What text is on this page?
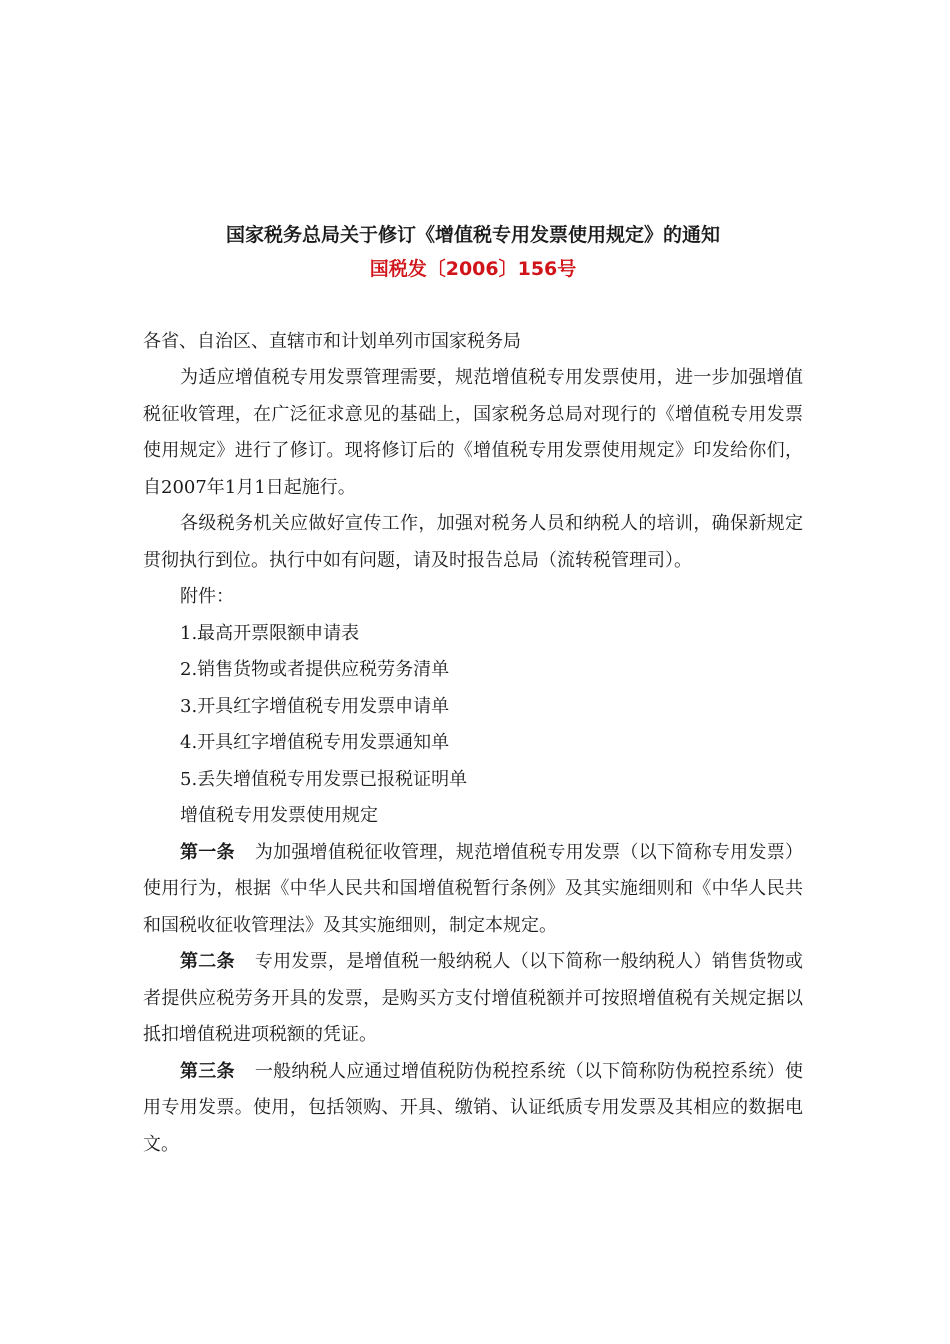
国家税务总局关于修订《增值税专用发票使用规定》的通知
国税发〔2006〕156号
各省、自治区、直辖市和计划单列市国家税务局

为适应增值税专用发票管理需要，规范增值税专用发票使用，进一步加强增值税征收管理，在广泛征求意见的基础上，国家税务总局对现行的《增值税专用发票使用规定》进行了修订。现将修订后的《增值税专用发票使用规定》印发给你们，自2007年1月1日起施行。

各级税务机关应做好宣传工作，加强对税务人员和纳税人的培训，确保新规定贯彻执行到位。执行中如有问题，请及时报告总局（流转税管理司）。

附件：

1.最高开票限额申请表
2.销售货物或者提供应税劳务清单
3.开具红字增值税专用发票申请单
4.开具红字增值税专用发票通知单
5.丢失增值税专用发票已报税证明单

增值税专用发票使用规定

第一条 为加强增值税征收管理，规范增值税专用发票（以下简称专用发票）使用行为，根据《中华人民共和国增值税暂行条例》及其实施细则和《中华人民共和国税收征收管理法》及其实施细则，制定本规定。

第二条 专用发票，是增值税一般纳税人（以下简称一般纳税人）销售货物或者提供应税劳务开具的发票，是购买方支付增值税额并可按照增值税有关规定据以抵扣增值税进项税额的凭证。

第三条 一般纳税人应通过增值税防伪税控系统（以下简称防伪税控系统）使用专用发票。使用，包括领购、开具、缴销、认证纸质专用发票及其相应的数据电文。
